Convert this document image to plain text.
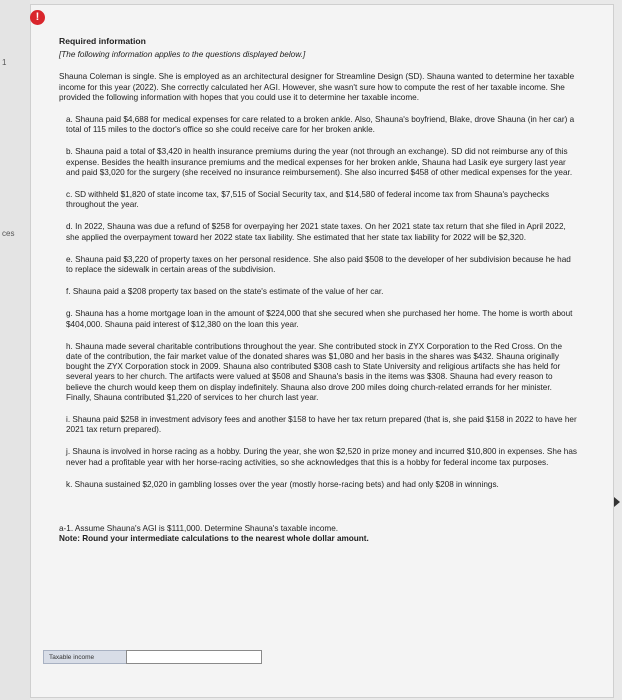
1
ces
!

Required information

[The following information applies to the questions displayed below.]

Shauna Coleman is single. She is employed as an architectural designer for Streamline Design (SD). Shauna wanted to determine her taxable income for this year (2022). She correctly calculated her AGI. However, she wasn't sure how to compute the rest of her taxable income. She provided the following information with hopes that you could use it to determine her taxable income.

a. Shauna paid $4,688 for medical expenses for care related to a broken ankle. Also, Shauna's boyfriend, Blake, drove Shauna (in her car) a total of 115 miles to the doctor's office so she could receive care for her broken ankle.
b. Shauna paid a total of $3,420 in health insurance premiums during the year (not through an exchange). SD did not reimburse any of this expense. Besides the health insurance premiums and the medical expenses for her broken ankle, Shauna had Lasik eye surgery last year and paid $3,020 for the surgery (she received no insurance reimbursement). She also incurred $458 of other medical expenses for the year.
c. SD withheld $1,820 of state income tax, $7,515 of Social Security tax, and $14,580 of federal income tax from Shauna's paychecks throughout the year.
d. In 2022, Shauna was due a refund of $258 for overpaying her 2021 state taxes. On her 2021 state tax return that she filed in April 2022, she applied the overpayment toward her 2022 state tax liability. She estimated that her state tax liability for 2022 will be $2,320.
e. Shauna paid $3,220 of property taxes on her personal residence. She also paid $508 to the developer of her subdivision because he had to replace the sidewalk in certain areas of the subdivision.
f. Shauna paid a $208 property tax based on the state's estimate of the value of her car.
g. Shauna has a home mortgage loan in the amount of $224,000 that she secured when she purchased her home. The home is worth about $404,000. Shauna paid interest of $12,380 on the loan this year.
h. Shauna made several charitable contributions throughout the year. She contributed stock in ZYX Corporation to the Red Cross. On the date of the contribution, the fair market value of the donated shares was $1,080 and her basis in the shares was $432. Shauna originally bought the ZYX Corporation stock in 2009. Shauna also contributed $308 cash to State University and religious artifacts she has held for several years to her church. The artifacts were valued at $508 and Shauna's basis in the items was $308. Shauna had every reason to believe the church would keep them on display indefinitely. Shauna also drove 200 miles doing church-related errands for her minister. Finally, Shauna contributed $1,220 of services to her church last year.
i. Shauna paid $258 in investment advisory fees and another $158 to have her tax return prepared (that is, she paid $158 in 2022 to have her 2021 tax return prepared).
j. Shauna is involved in horse racing as a hobby. During the year, she won $2,520 in prize money and incurred $10,800 in expenses. She has never had a profitable year with her horse-racing activities, so she acknowledges that this is a hobby for federal income tax purposes.
k. Shauna sustained $2,020 in gambling losses over the year (mostly horse-racing bets) and had only $208 in winnings.
a-1. Assume Shauna's AGI is $111,000. Determine Shauna's taxable income.
Note: Round your intermediate calculations to the nearest whole dollar amount.
Taxable income
